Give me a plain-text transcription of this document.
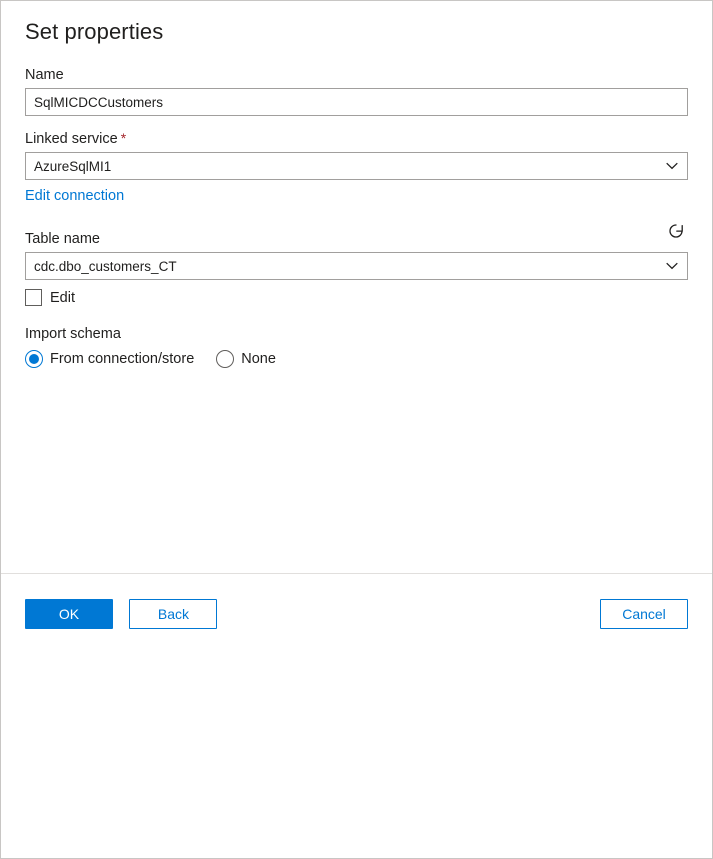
Set properties
Name
SqlMICDCCustomers
Linked service *
AzureSqlMI1
Edit connection
Table name
cdc.dbo_customers_CT
Edit
Import schema
From connection/store	None
OK	Back	Cancel
